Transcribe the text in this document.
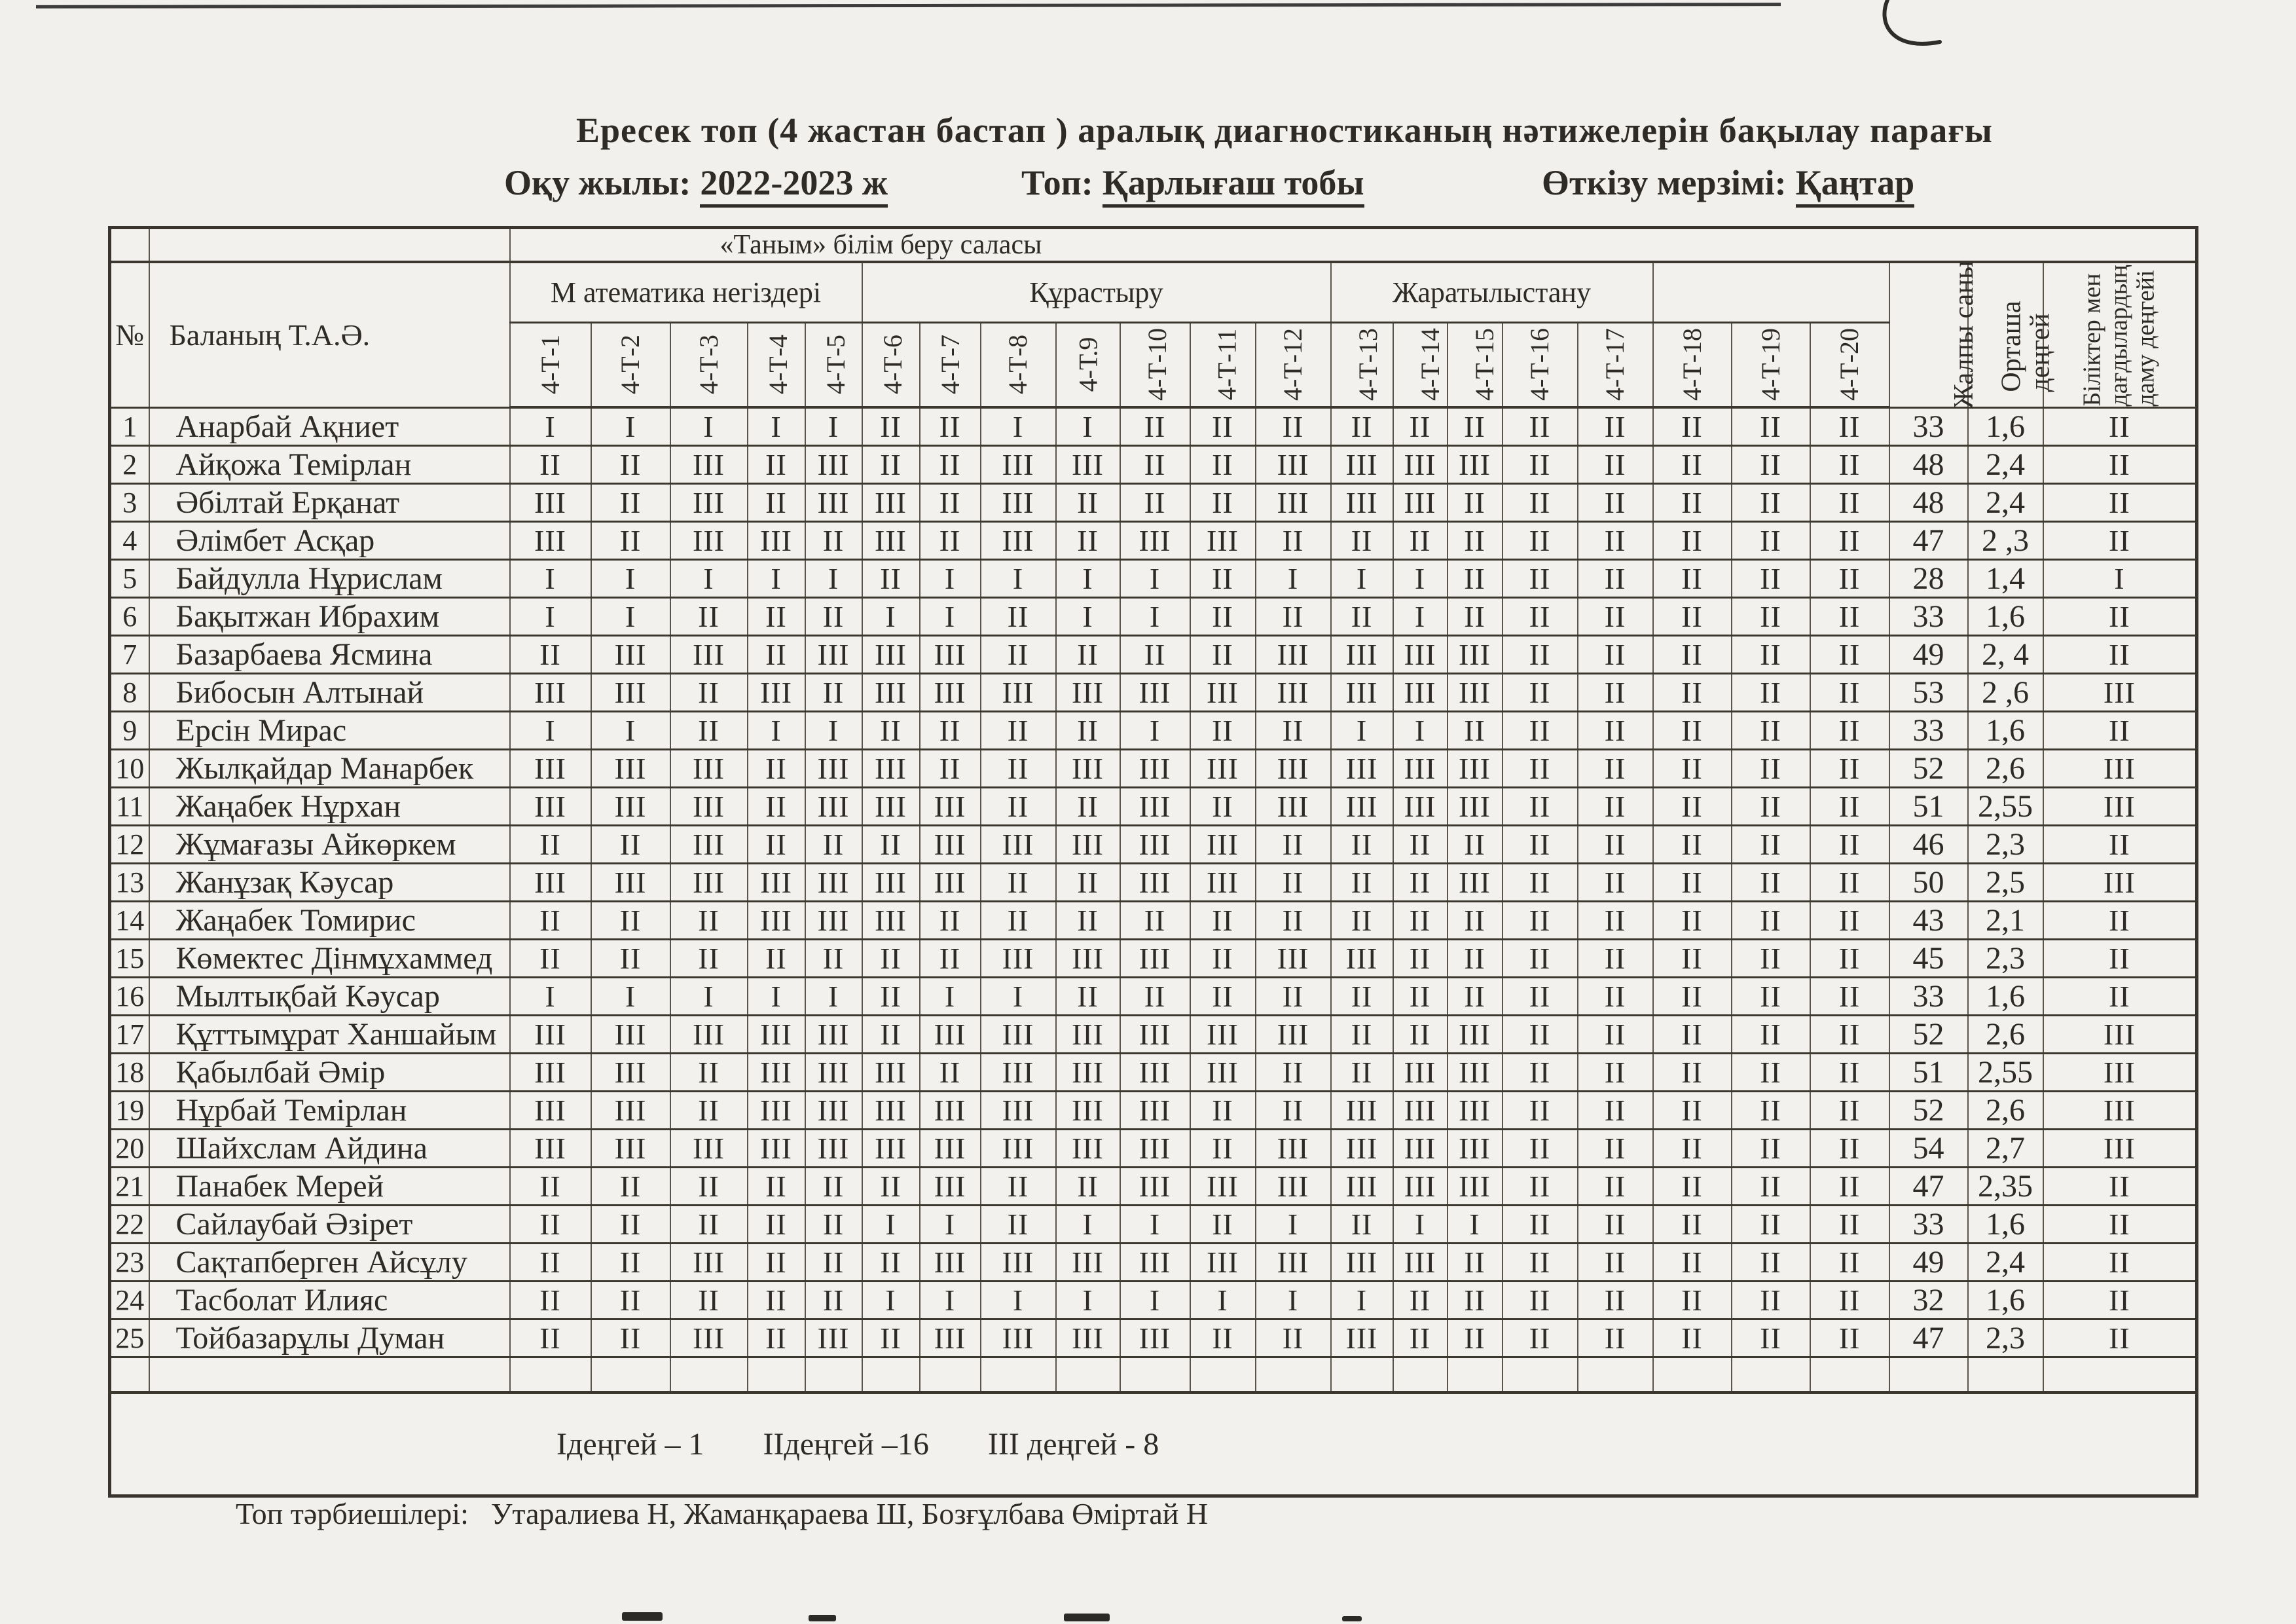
Ересек топ (4 жастан бастап ) аралық диагностиканың нәтижелерін бақылау парағы
Оқу жылы: 2022-2023 ж	Топ: Қарлығаш тобы	Өткізу мерзімі: Қаңтар
		«Таным» білім беру саласы																						
№	Баланың Т.А.Ә.	М атематика негіздері					Құрастыру							Жаратылыстану								Жалпы саны	Орташа деңгей	Біліктер мен дағдылардың даму деңгейі
		4-Т-1	4-Т-2	4-Т-3	4-Т-4	4-Т-5	4-Т-6	4-Т-7	4-Т-8	4-Т.9	4-Т-10	4-Т-11	4-Т-12	4-Т-13	4-Т-14	4-Т-15	4-Т-16	4-Т-17	4-Т-18	4-Т-19	4-Т-20			
1	Анарбай Ақниет	I	I	I	I	I	II	II	I	I	II	II	II	II	II	II	II	II	II	II	II	33	1,6	II
2	Айқожа Темірлан	II	II	III	II	III	II	II	III	III	II	II	III	III	III	III	II	II	II	II	II	48	2,4	II
3	Әбілтай Ерқанат	III	II	III	II	III	III	II	III	II	II	II	III	III	III	II	II	II	II	II	II	48	2,4	II
4	Әлімбет Асқар	III	II	III	III	II	III	II	III	II	III	III	II	II	II	II	II	II	II	II	II	47	2 ,3	II
5	Байдулла Нұрислам	I	I	I	I	I	II	I	I	I	I	II	I	I	I	II	II	II	II	II	II	28	1,4	I
6	Бақытжан Ибрахим	I	I	II	II	II	I	I	II	I	I	II	II	II	I	II	II	II	II	II	II	33	1,6	II
7	Базарбаева Ясмина	II	III	III	II	III	III	III	II	II	II	II	III	III	III	III	II	II	II	II	II	49	2, 4	II
8	Бибосын Алтынай	III	III	II	III	II	III	III	III	III	III	III	III	III	III	III	II	II	II	II	II	53	2 ,6	III
9	Ерсін Мирас	I	I	II	I	I	II	II	II	II	I	II	II	I	I	II	II	II	II	II	II	33	1,6	II
10	Жылқайдар Манарбек	III	III	III	II	III	III	II	II	III	III	III	III	III	III	III	II	II	II	II	II	52	2,6	III
11	Жаңабек Нұрхан	III	III	III	II	III	III	III	II	II	III	II	III	III	III	III	II	II	II	II	II	51	2,55	III
12	Жұмағазы Айкөркем	II	II	III	II	II	II	III	III	III	III	III	II	II	II	II	II	II	II	II	II	46	2,3	II
13	Жанұзақ Кәусар	III	III	III	III	III	III	III	II	II	III	III	II	II	II	III	II	II	II	II	II	50	2,5	III
14	Жаңабек Томирис	II	II	II	III	III	III	II	II	II	II	II	II	II	II	II	II	II	II	II	II	43	2,1	II
15	Көмектес Дінмұхаммед	II	II	II	II	II	II	II	III	III	III	II	III	III	II	II	II	II	II	II	II	45	2,3	II
16	Мылтықбай Кәусар	I	I	I	I	I	II	I	I	II	II	II	II	II	II	II	II	II	II	II	II	33	1,6	II
17	Құттымұрат Ханшайым	III	III	III	III	III	II	III	III	III	III	III	III	II	II	III	II	II	II	II	II	52	2,6	III
18	Қабылбай Әмір	III	III	II	III	III	III	II	III	III	III	III	II	II	III	III	II	II	II	II	II	51	2,55	III
19	Нұрбай Темірлан	III	III	II	III	III	III	III	III	III	III	II	II	III	III	III	II	II	II	II	II	52	2,6	III
20	Шайхслам Айдина	III	III	III	III	III	III	III	III	III	III	II	III	III	III	III	II	II	II	II	II	54	2,7	III
21	Панабек Мерей	II	II	II	II	II	II	III	II	II	III	III	III	III	III	III	II	II	II	II	II	47	2,35	II
22	Сайлаубай Әзірет	II	II	II	II	II	I	I	II	I	I	II	I	II	I	I	II	II	II	II	II	33	1,6	II
23	Сақтапберген Айсұлу	II	II	III	II	II	II	III	III	III	III	III	III	III	III	II	II	II	II	II	II	49	2,4	II
24	Тасболат Илияс	II	II	II	II	II	I	I	I	I	I	I	I	I	II	II	II	II	II	II	II	32	1,6	II
25	Тойбазарұлы Думан	II	II	III	II	III	II	III	III	III	III	II	II	III	II	II	II	II	II	II	II	47	2,3	II

Ідеңгей – 1 ІІдеңгей –16 ІІІ деңгей - 8																								
Топ тәрбиешілері: Утаралиева Н, Жаманқараева Ш, Бозғұлбава Өміртай Н
